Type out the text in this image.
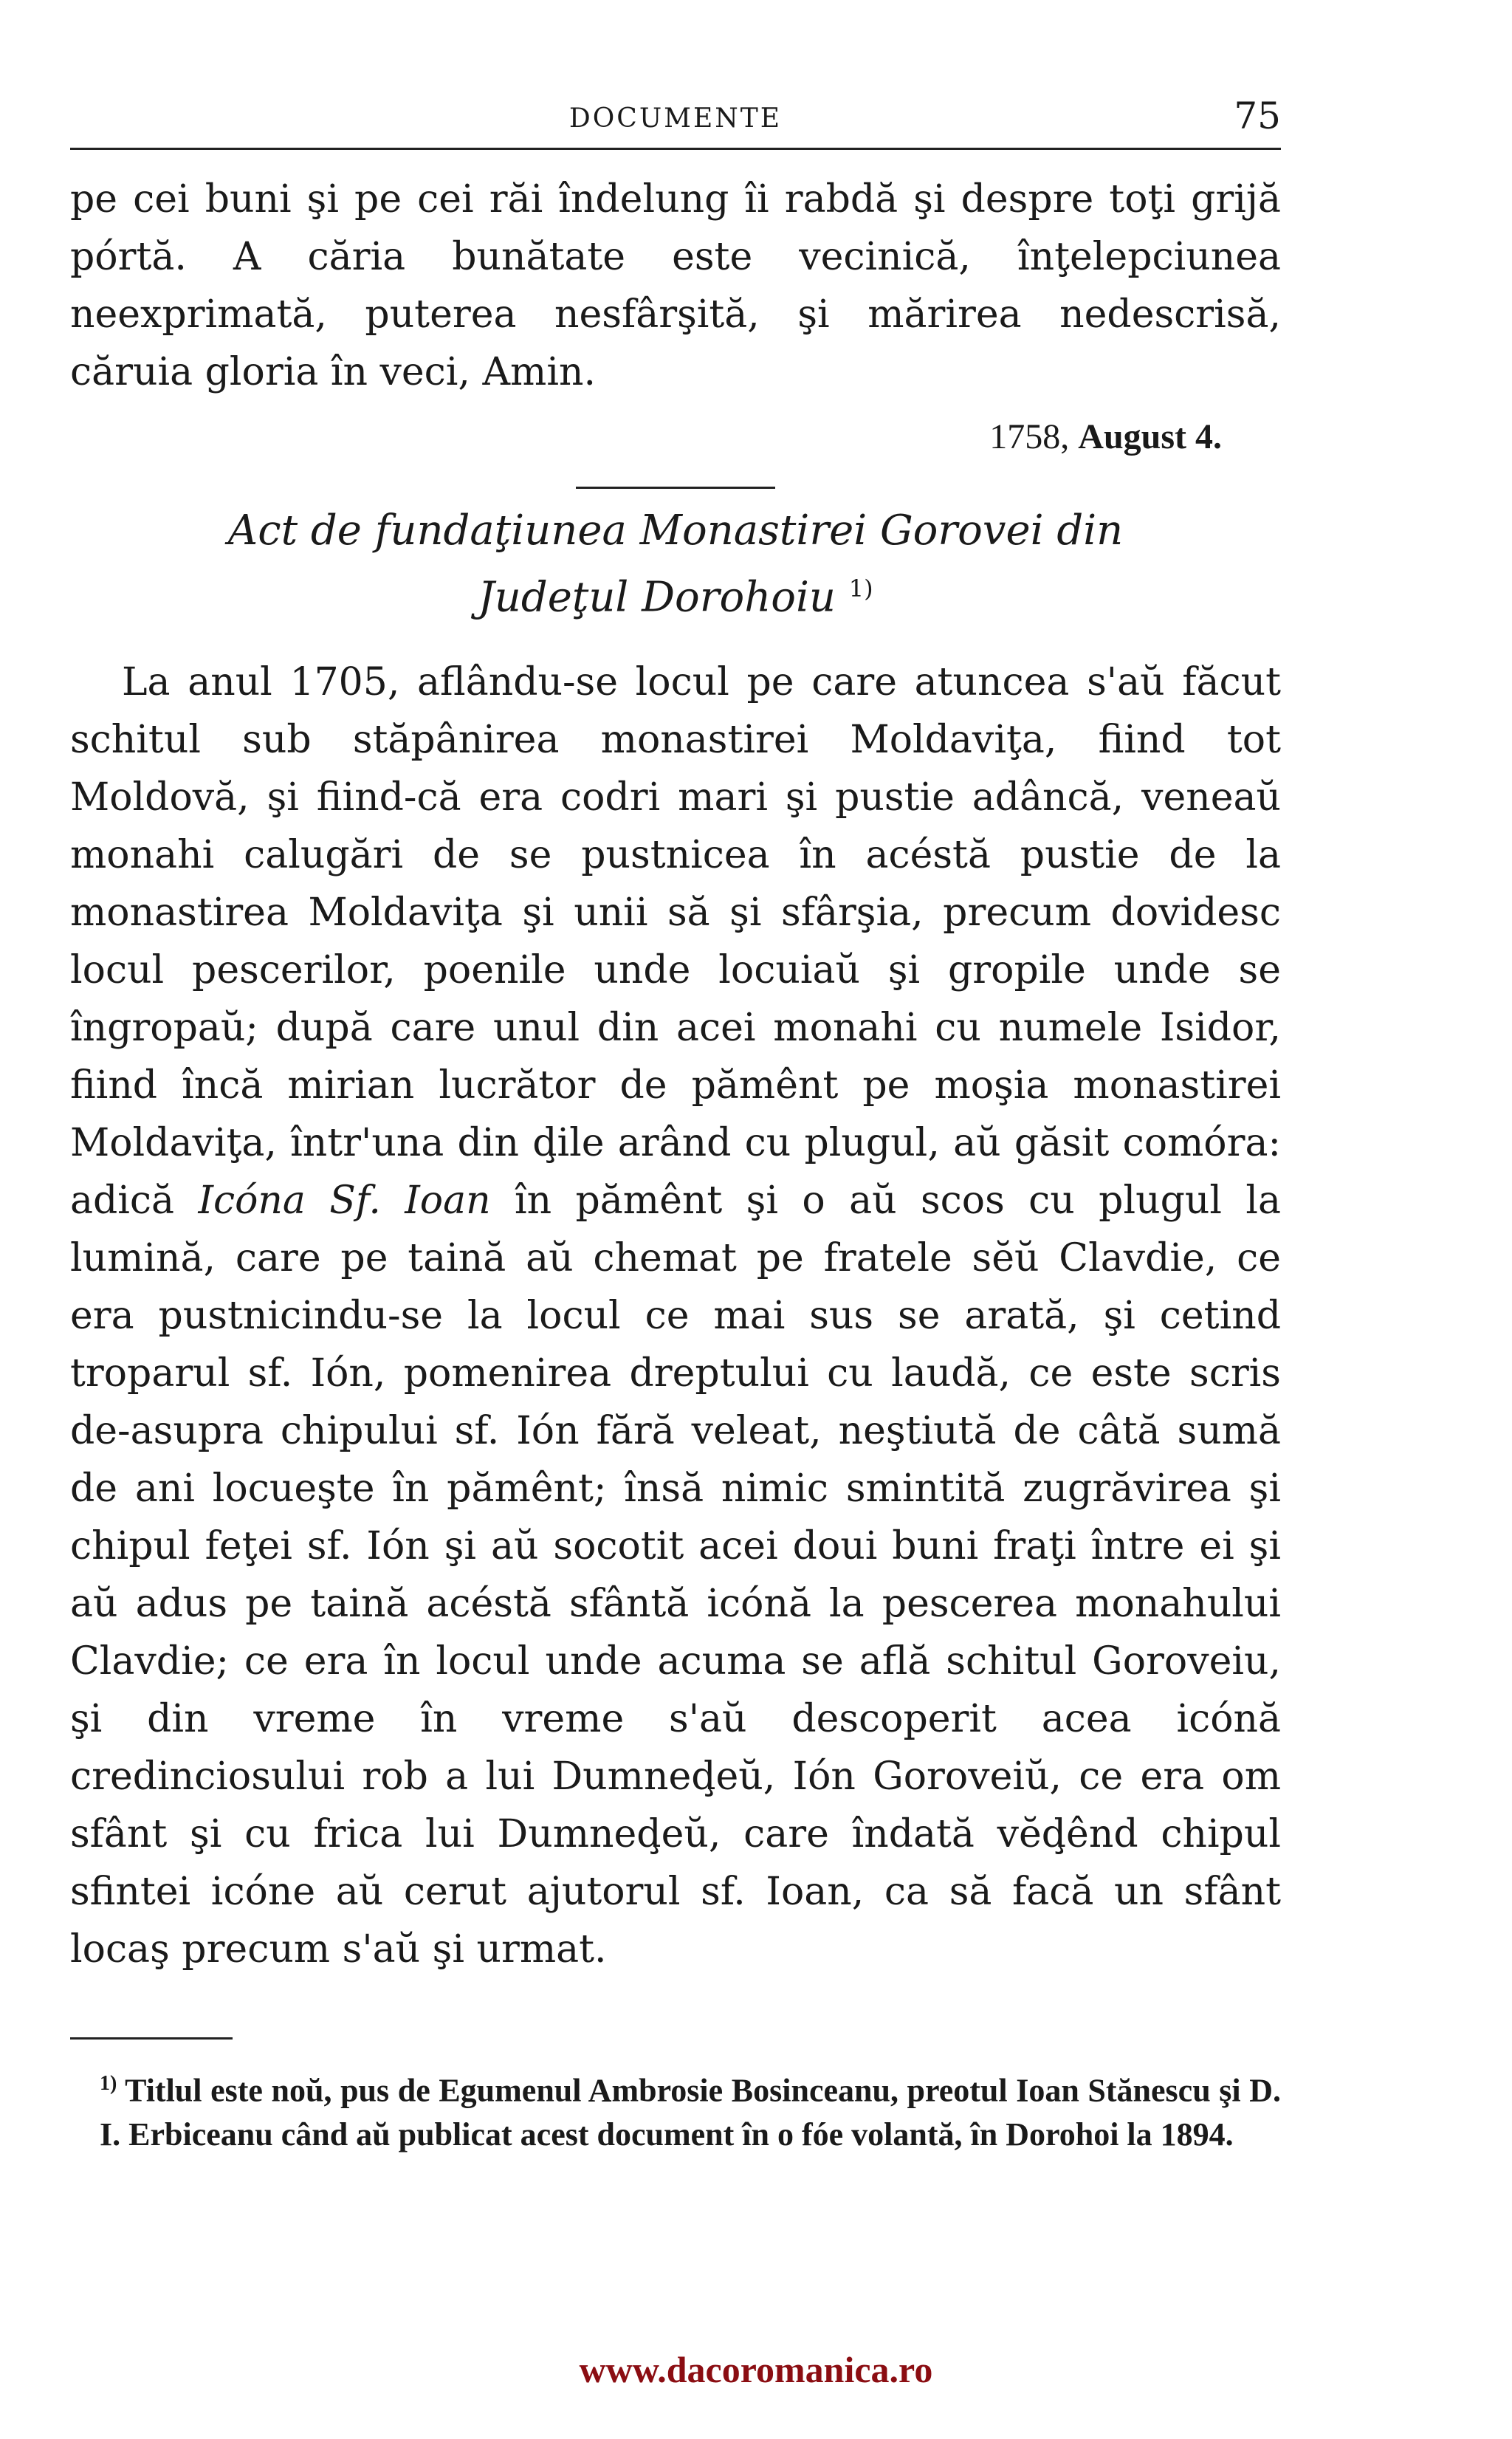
DOCUMENTE	75

pe cei buni şi pe cei răi îndelung îi rabdă şi despre toţi grijă pórtă. A căria bunătate este veciniсă, înţelepciunea neexprimată, puterea nesfârşită, şi mărirea nedescrisă, căruia gloria în veci, Amin.

1758, August 4.

Act de fundaţiunea Monastirei Gorovei din
Judeţul Dorohoiu $^{1)}$

La anul 1705, aflându-se locul pe care atuncea s'aŭ făcut schitul sub stăpânirea monastirei Moldaviţa, fiind tot Moldovă, şi fiind-că era codri mari şi pustie adâncă, veneaŭ monahi calugări de se pustnicea în acéstă pustie de la monastirea Moldaviţa şi unii să şi sfârşia, precum dovidesc locul pescerilor, poenile unde locuiaŭ şi gropile unde se îngropaŭ; după care unul din acei monahi cu numele Isidor, fiind încă mirian lucrător de pămênt pe moşia monastirei Moldaviţa, într'una din ḑile arând cu plugul, aŭ găsit comóra: adică Icóna Sf. Ioan în pămênt şi o aŭ scos cu plugul la lumină, care pe taină aŭ chemat pe fratele sĕŭ Clavdie, ce era pustnicindu-se la locul ce mai sus se arată, şi cetind troparul sf. Ión, pomenirea dreptului cu laudă, ce este scris de-asupra chipului sf. Ión fără veleat, neştiută de câtă sumă de ani locueşte în pămênt; însă nimic smintită zugrăvirea şi chipul feţei sf. Ión şi aŭ socotit acei doui buni fraţi între ei şi aŭ adus pe taină acéstă sfântă icónă la pescerea monahului Clavdie; ce era în locul unde acuma se află schitul Goroveiu, şi din vreme în vreme s'aŭ descoperit acea icónă credinciosului rob a lui Dumneḑeŭ, Ión Goroveiŭ, ce era om sfânt şi cu frica lui Dumneḑeŭ, care îndată vĕḑênd chipul sfintei icóne aŭ cerut ajutorul sf. Ioan, ca să facă un sfânt locaş precum s'aŭ şi urmat.

$^{1)}$ Titlul este noŭ, pus de Egumenul Ambrosie Bosinceanu, preotul Ioan Stănescu şi D. I. Erbiceanu când aŭ publicat acest document în o fóe volantă, în Dorohoi la 1894.

www.dacoromanica.ro
